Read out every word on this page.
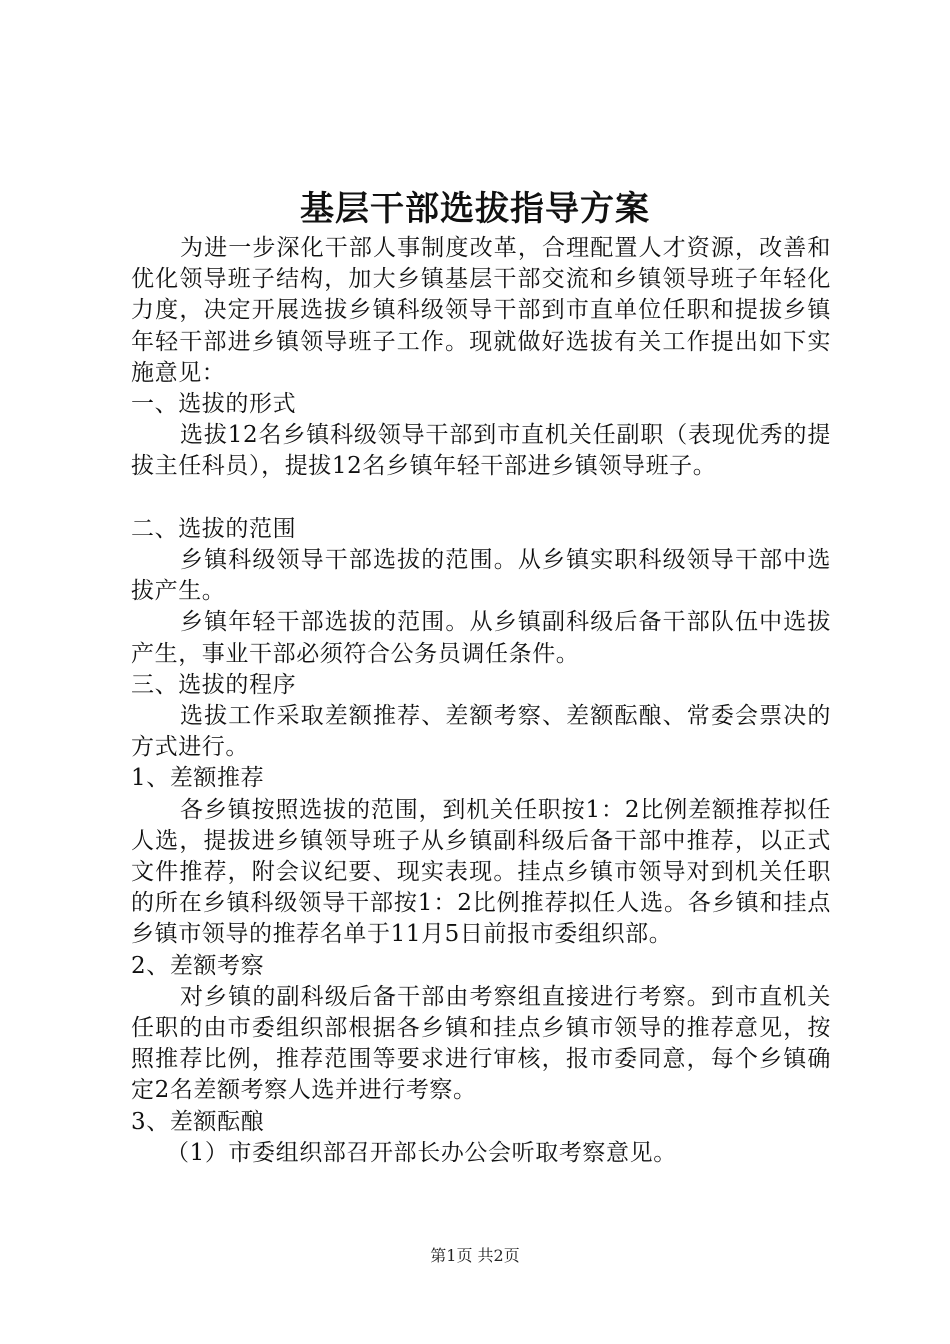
基层干部选拔指导方案

为进一步深化干部人事制度改革，合理配置人才资源，改善和优化领导班子结构，加大乡镇基层干部交流和乡镇领导班子年轻化力度，决定开展选拔乡镇科级领导干部到市直单位任职和提拔乡镇年轻干部进乡镇领导班子工作。现就做好选拔有关工作提出如下实施意见：

一、选拔的形式

选拔12名乡镇科级领导干部到市直机关任副职（表现优秀的提拔主任科员），提拔12名乡镇年轻干部进乡镇领导班子。

二、选拔的范围

乡镇科级领导干部选拔的范围。从乡镇实职科级领导干部中选拔产生。

乡镇年轻干部选拔的范围。从乡镇副科级后备干部队伍中选拔产生，事业干部必须符合公务员调任条件。

三、选拔的程序

选拔工作采取差额推荐、差额考察、差额酝酿、常委会票决的方式进行。

1、差额推荐

各乡镇按照选拔的范围，到机关任职按1：2比例差额推荐拟任人选，提拔进乡镇领导班子从乡镇副科级后备干部中推荐，以正式文件推荐，附会议纪要、现实表现。挂点乡镇市领导对到机关任职的所在乡镇科级领导干部按1：2比例推荐拟任人选。各乡镇和挂点乡镇市领导的推荐名单于11月5日前报市委组织部。

2、差额考察

对乡镇的副科级后备干部由考察组直接进行考察。到市直机关任职的由市委组织部根据各乡镇和挂点乡镇市领导的推荐意见，按照推荐比例，推荐范围等要求进行审核，报市委同意，每个乡镇确定2名差额考察人选并进行考察。

3、差额酝酿

（1）市委组织部召开部长办公会听取考察意见。

第1页 共2页
